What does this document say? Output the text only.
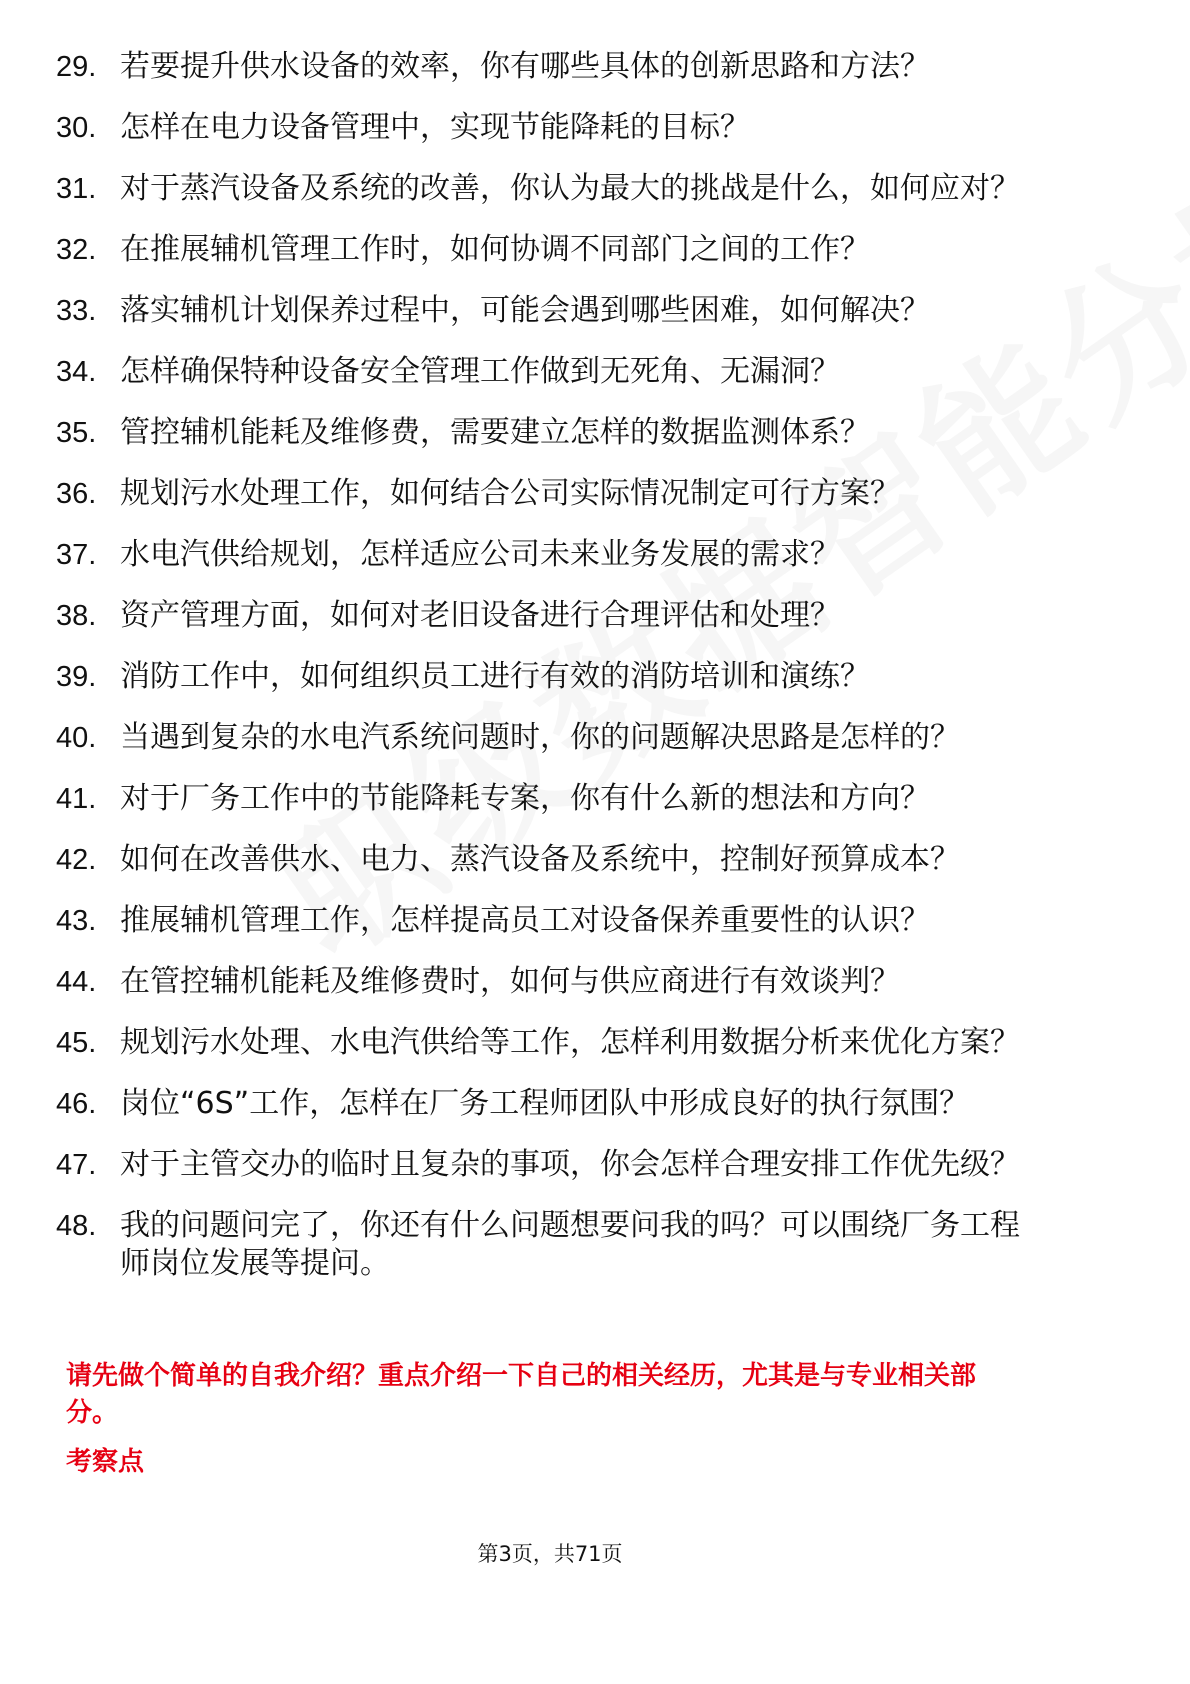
29. 若要提升供水设备的效率，你有哪些具体的创新思路和方法？
30. 怎样在电力设备管理中，实现节能降耗的目标？
31. 对于蒸汽设备及系统的改善，你认为最大的挑战是什么，如何应对？
32. 在推展辅机管理工作时，如何协调不同部门之间的工作？
33. 落实辅机计划保养过程中，可能会遇到哪些困难，如何解决？
34. 怎样确保特种设备安全管理工作做到无死角、无漏洞？
35. 管控辅机能耗及维修费，需要建立怎样的数据监测体系？
36. 规划污水处理工作，如何结合公司实际情况制定可行方案？
37. 水电汽供给规划，怎样适应公司未来业务发展的需求？
38. 资产管理方面，如何对老旧设备进行合理评估和处理？
39. 消防工作中，如何组织员工进行有效的消防培训和演练？
40. 当遇到复杂的水电汽系统问题时，你的问题解决思路是怎样的？
41. 对于厂务工作中的节能降耗专案，你有什么新的想法和方向？
42. 如何在改善供水、电力、蒸汽设备及系统中，控制好预算成本？
43. 推展辅机管理工作，怎样提高员工对设备保养重要性的认识？
44. 在管控辅机能耗及维修费时，如何与供应商进行有效谈判？
45. 规划污水处理、水电汽供给等工作，怎样利用数据分析来优化方案？
46. 岗位“6S”工作，怎样在厂务工程师团队中形成良好的执行氛围？
47. 对于主管交办的临时且复杂的事项，你会怎样合理安排工作优先级？
48. 我的问题问完了，你还有什么问题想要问我的吗？可以围绕厂务工程师岗位发展等提问。

请先做个简单的自我介绍？重点介绍一下自己的相关经历，尤其是与专业相关部分。

考察点

第3页，共71页
